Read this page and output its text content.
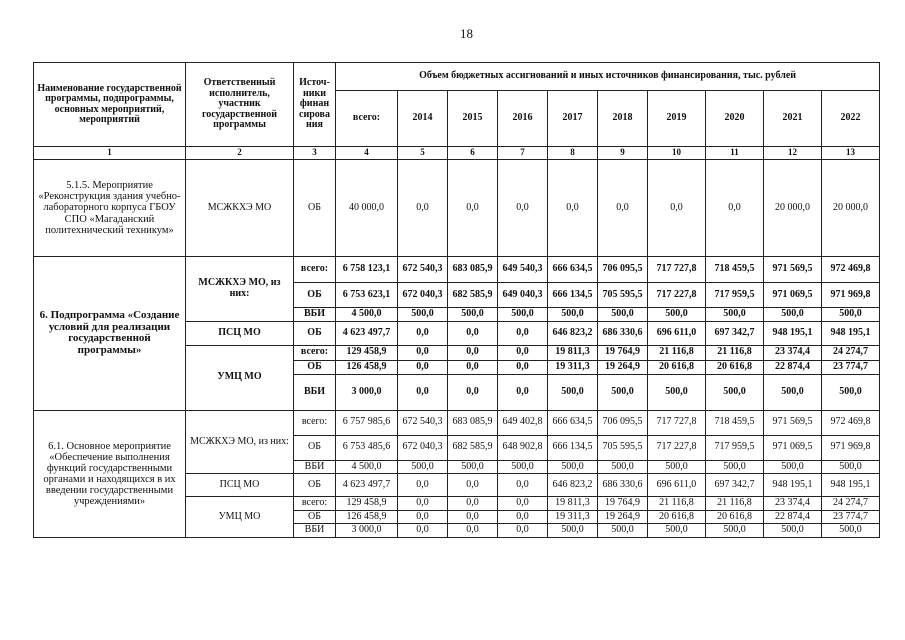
18
Наименование государственной программы, подпрограммы, основных мероприятий, мероприятий	Ответственный исполнитель, участник государственной программы	Источ-ники финан сирова ния	Объем бюджетных ассигнований и иных источников финансирования, тыс. рублей									
			всего:	2014	2015	2016	2017	2018	2019	2020	2021	2022
1	2	3	4	5	6	7	8	9	10	11	12	13
5.1.5. Мероприятие «Реконструкция здания учебно-лабораторного корпуса ГБОУ СПО «Магаданский политехнический техникум»	МСЖКХЭ МО	ОБ	40 000,0	0,0	0,0	0,0	0,0	0,0	0,0	0,0	20 000,0	20 000,0
6. Подпрограмма «Создание условий для реализации государственной программы»	МСЖКХЭ МО, из них:	всего:	6 758 123,1	672 540,3	683 085,9	649 540,3	666 634,5	706 095,5	717 727,8	718 459,5	971 569,5	972 469,8
		ОБ	6 753 623,1	672 040,3	682 585,9	649 040,3	666 134,5	705 595,5	717 227,8	717 959,5	971 069,5	971 969,8
		ВБИ	4 500,0	500,0	500,0	500,0	500,0	500,0	500,0	500,0	500,0	500,0
	ПСЦ МО	ОБ	4 623 497,7	0,0	0,0	0,0	646 823,2	686 330,6	696 611,0	697 342,7	948 195,1	948 195,1
	УМЦ МО	всего:	129 458,9	0,0	0,0	0,0	19 811,3	19 764,9	21 116,8	21 116,8	23 374,4	24 274,7
		ОБ	126 458,9	0,0	0,0	0,0	19 311,3	19 264,9	20 616,8	20 616,8	22 874,4	23 774,7
		ВБИ	3 000,0	0,0	0,0	0,0	500,0	500,0	500,0	500,0	500,0	500,0
6.1. Основное мероприятие «Обеспечение выполнения функций государственными органами и находящихся в их введении государственными учреждениями»	МСЖКХЭ МО, из них:	всего:	6 757 985,6	672 540,3	683 085,9	649 402,8	666 634,5	706 095,5	717 727,8	718 459,5	971 569,5	972 469,8
		ОБ	6 753 485,6	672 040,3	682 585,9	648 902,8	666 134,5	705 595,5	717 227,8	717 959,5	971 069,5	971 969,8
		ВБИ	4 500,0	500,0	500,0	500,0	500,0	500,0	500,0	500,0	500,0	500,0
	ПСЦ МО	ОБ	4 623 497,7	0,0	0,0	0,0	646 823,2	686 330,6	696 611,0	697 342,7	948 195,1	948 195,1
	УМЦ МО	всего:	129 458,9	0,0	0,0	0,0	19 811,3	19 764,9	21 116,8	21 116,8	23 374,4	24 274,7
		ОБ	126 458,9	0,0	0,0	0,0	19 311,3	19 264,9	20 616,8	20 616,8	22 874,4	23 774,7
		ВБИ	3 000,0	0,0	0,0	0,0	500,0	500,0	500,0	500,0	500,0	500,0
